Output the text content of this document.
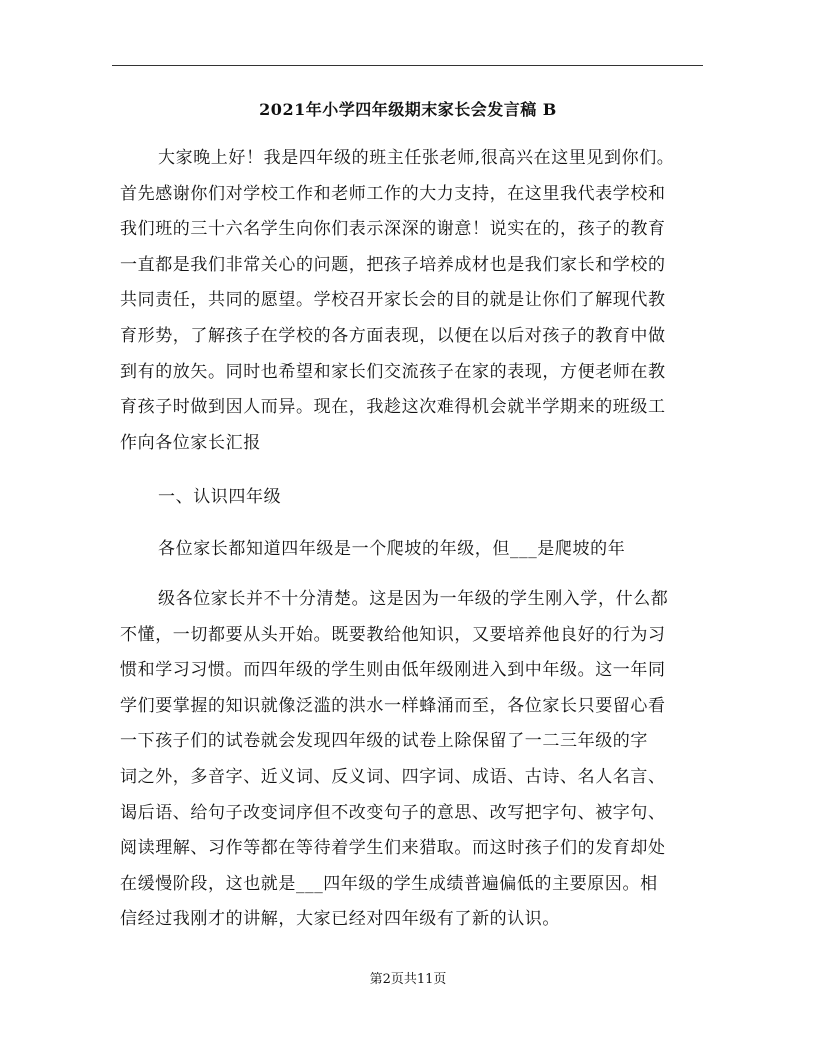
2021年小学四年级期末家长会发言稿 B
大家晚上好！我是四年级的班主任张老师,很高兴在这里见到你们。
首先感谢你们对学校工作和老师工作的大力支持，在这里我代表学校和
我们班的三十六名学生向你们表示深深的谢意！说实在的，孩子的教育
一直都是我们非常关心的问题，把孩子培养成材也是我们家长和学校的
共同责任，共同的愿望。学校召开家长会的目的就是让你们了解现代教
育形势，了解孩子在学校的各方面表现，以便在以后对孩子的教育中做
到有的放矢。同时也希望和家长们交流孩子在家的表现，方便老师在教
育孩子时做到因人而异。现在，我趁这次难得机会就半学期来的班级工
作向各位家长汇报
一、认识四年级
各位家长都知道四年级是一个爬坡的年级，但___是爬坡的年
级各位家长并不十分清楚。这是因为一年级的学生刚入学，什么都
不懂，一切都要从头开始。既要教给他知识，又要培养他良好的行为习
惯和学习习惯。而四年级的学生则由低年级刚进入到中年级。这一年同
学们要掌握的知识就像泛滥的洪水一样蜂涌而至，各位家长只要留心看
一下孩子们的试卷就会发现四年级的试卷上除保留了一二三年级的字
词之外，多音字、近义词、反义词、四字词、成语、古诗、名人名言、
谒后语、给句子改变词序但不改变句子的意思、改写把字句、被字句、
阅读理解、习作等都在等待着学生们来猎取。而这时孩子们的发育却处
在缓慢阶段，这也就是___四年级的学生成绩普遍偏低的主要原因。相
信经过我刚才的讲解，大家已经对四年级有了新的认识。
第2页共11页
